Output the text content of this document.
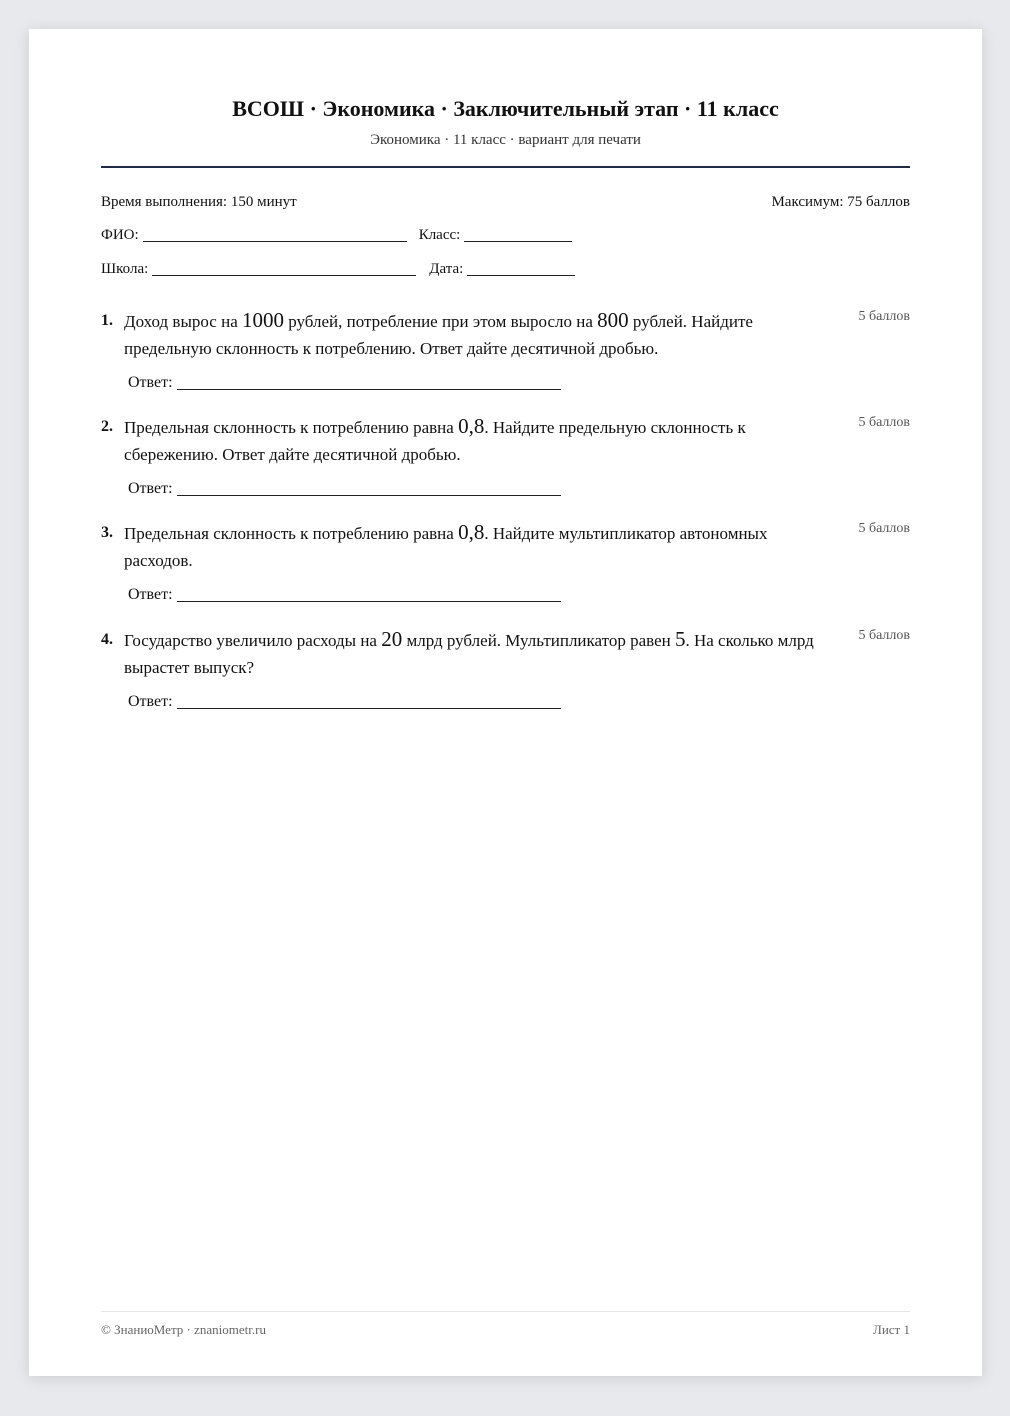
ВСОШ · Экономика · Заключительный этап · 11 класс
Экономика · 11 класс · вариант для печати
Время выполнения: 150 минут	Максимум: 75 баллов
ФИО:	Класс:
Школа:	Дата:
1. Доход вырос на 1000 рублей, потребление при этом выросло на 800 рублей. Найдите предельную склонность к потреблению. Ответ дайте десятичной дробью.
5 баллов
Ответ:
2. Предельная склонность к потреблению равна 0,8. Найдите предельную склонность к сбережению. Ответ дайте десятичной дробью.
5 баллов
Ответ:
3. Предельная склонность к потреблению равна 0,8. Найдите мультипликатор автономных расходов.
5 баллов
Ответ:
4. Государство увеличило расходы на 20 млрд рублей. Мультипликатор равен 5. На сколько млрд вырастет выпуск?
5 баллов
Ответ:
© ЗнаниоМетр · znaniometr.ru	Лист 1
